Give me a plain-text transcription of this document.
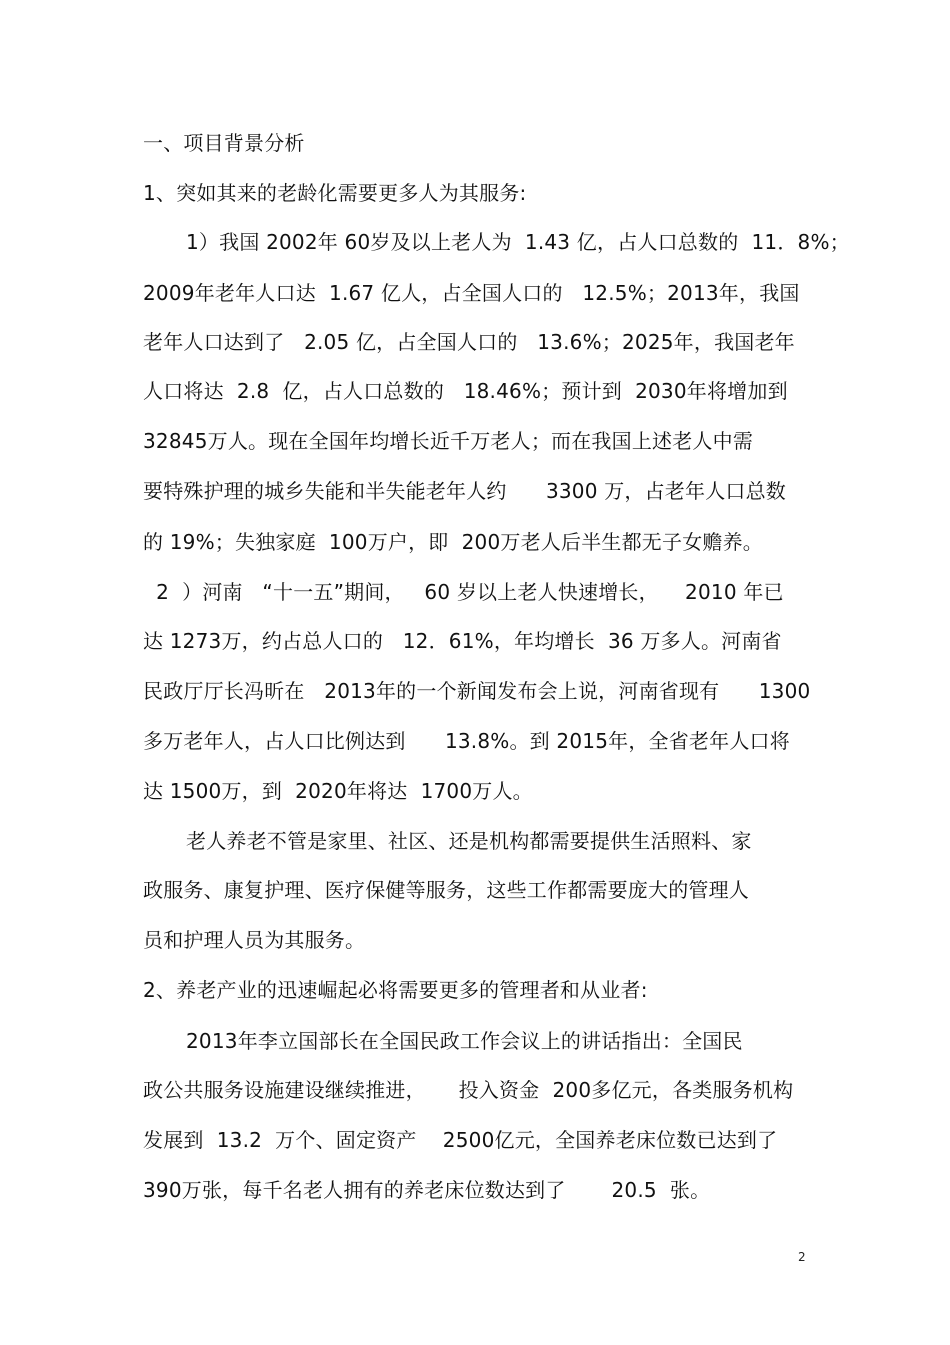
一、项目背景分析
1、突如其来的老龄化需要更多人为其服务:
1）我国 2002年 60岁及以上老人为  1.43 亿，占人口总数的  11．8%；
2009年老年人口达  1.67 亿人，占全国人口的   12.5%；2013年，我国
老年人口达到了   2.05 亿，占全国人口的   13.6%；2025年，我国老年
人口将达  2.8  亿，占人口总数的   18.46%；预计到  2030年将增加到
32845万人。现在全国年均增长近千万老人；而在我国上述老人中需
要特殊护理的城乡失能和半失能老年人约      3300 万，占老年人口总数
的 19%；失独家庭  100万户，即  200万老人后半生都无子女赡养。
2  ）河南   “十一五”期间，   60 岁以上老人快速增长，    2010 年已
达 1273万，约占总人口的   12．61%，年均增长  36 万多人。河南省
民政厅厅长冯昕在   2013年的一个新闻发布会上说，河南省现有      1300
多万老年人，占人口比例达到      13.8%。到 2015年，全省老年人口将
达 1500万，到  2020年将达  1700万人。
老人养老不管是家里、社区、还是机构都需要提供生活照料、家
政服务、康复护理、医疗保健等服务，这些工作都需要庞大的管理人
员和护理人员为其服务。
2、养老产业的迅速崛起必将需要更多的管理者和从业者:
2013年李立国部长在全国民政工作会议上的讲话指出：全国民
政公共服务设施建设继续推进，     投入资金  200多亿元，各类服务机构
发展到  13.2  万个、固定资产    2500亿元，全国养老床位数已达到了
390万张，每千名老人拥有的养老床位数达到了       20.5  张。
2
